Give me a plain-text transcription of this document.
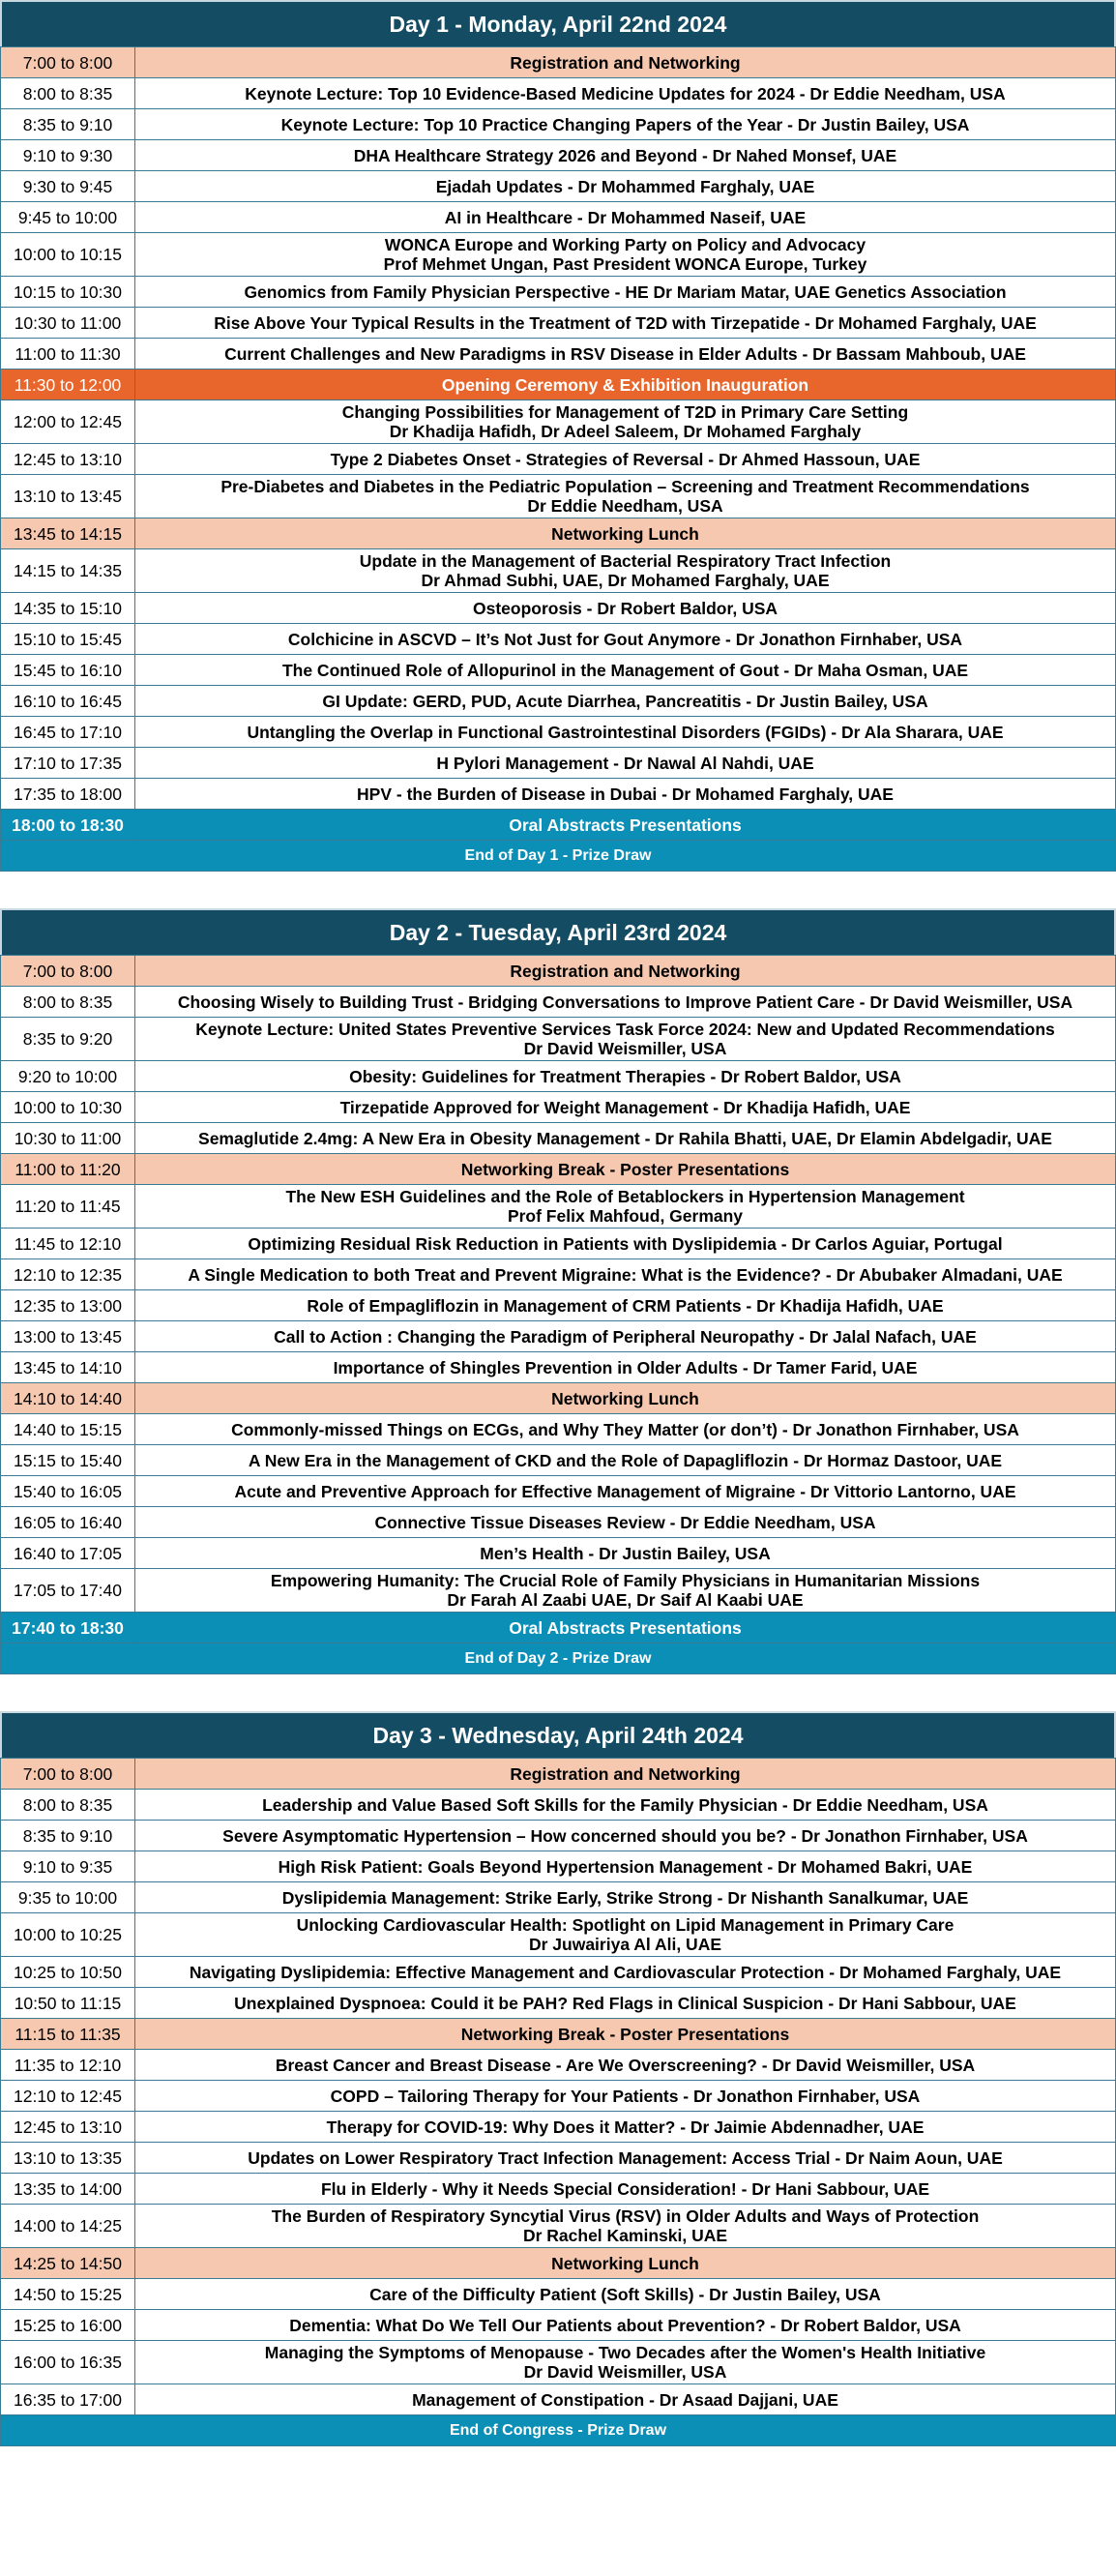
Day 1 - Monday, April 22nd 2024
7:00 to 8:00	Registration and Networking

8:00 to 8:35	Keynote Lecture: Top 10 Evidence-Based Medicine Updates for 2024 - Dr Eddie Needham, USA

8:35 to 9:10	Keynote Lecture: Top 10 Practice Changing Papers of the Year - Dr Justin Bailey, USA

9:10 to 9:30	DHA Healthcare Strategy 2026 and Beyond - Dr Nahed Monsef, UAE

9:30 to 9:45	Ejadah Updates - Dr Mohammed Farghaly, UAE

9:45 to 10:00	AI in Healthcare - Dr Mohammed Naseif, UAE

10:00 to 10:15	WONCA Europe and Working Party on Policy and Advocacy
Prof Mehmet Ungan, Past President WONCA Europe, Turkey

10:15 to 10:30	Genomics from Family Physician Perspective - HE Dr Mariam Matar, UAE Genetics Association

10:30 to 11:00	Rise Above Your Typical Results in the Treatment of T2D with Tirzepatide - Dr Mohamed Farghaly, UAE

11:00 to 11:30	Current Challenges and New Paradigms in RSV Disease in Elder Adults - Dr Bassam Mahboub, UAE

11:30 to 12:00	Opening Ceremony & Exhibition Inauguration

12:00 to 12:45	Changing Possibilities for Management of T2D in Primary Care Setting
Dr Khadija Hafidh, Dr Adeel Saleem, Dr Mohamed Farghaly

12:45 to 13:10	Type 2 Diabetes Onset - Strategies of Reversal - Dr Ahmed Hassoun, UAE

13:10 to 13:45	Pre-Diabetes and Diabetes in the Pediatric Population – Screening and Treatment Recommendations
Dr Eddie Needham, USA

13:45 to 14:15	Networking Lunch

14:15 to 14:35	Update in the Management of Bacterial Respiratory Tract Infection
Dr Ahmad Subhi, UAE, Dr Mohamed Farghaly, UAE

14:35 to 15:10	Osteoporosis - Dr Robert Baldor, USA

15:10 to 15:45	Colchicine in ASCVD – It’s Not Just for Gout Anymore - Dr Jonathon Firnhaber, USA

15:45 to 16:10	The Continued Role of Allopurinol in the Management of Gout - Dr Maha Osman, UAE

16:10 to 16:45	GI Update: GERD, PUD, Acute Diarrhea, Pancreatitis - Dr Justin Bailey, USA

16:45 to 17:10	Untangling the Overlap in Functional Gastrointestinal Disorders (FGIDs) - Dr Ala Sharara, UAE

17:10 to 17:35	H Pylori Management - Dr Nawal Al Nahdi, UAE

17:35 to 18:00	HPV - the Burden of Disease in Dubai - Dr Mohamed Farghaly, UAE

18:00 to 18:30	Oral Abstracts Presentations
End of Day 1 - Prize Draw
Day 2 - Tuesday, April 23rd 2024
7:00 to 8:00	Registration and Networking

8:00 to 8:35	Choosing Wisely to Building Trust - Bridging Conversations to Improve Patient Care - Dr David Weismiller, USA

8:35 to 9:20	Keynote Lecture: United States Preventive Services Task Force 2024: New and Updated Recommendations
Dr David Weismiller, USA

9:20 to 10:00	Obesity: Guidelines for Treatment Therapies - Dr Robert Baldor, USA

10:00 to 10:30	Tirzepatide Approved for Weight Management - Dr Khadija Hafidh, UAE

10:30 to 11:00	Semaglutide 2.4mg: A New Era in Obesity Management - Dr Rahila Bhatti, UAE, Dr Elamin Abdelgadir, UAE

11:00 to 11:20	Networking Break - Poster Presentations

11:20 to 11:45	The New ESH Guidelines and the Role of Betablockers in Hypertension Management
Prof Felix Mahfoud, Germany

11:45 to 12:10	Optimizing Residual Risk Reduction in Patients with Dyslipidemia - Dr Carlos Aguiar, Portugal

12:10 to 12:35	A Single Medication to both Treat and Prevent Migraine: What is the Evidence? - Dr Abubaker Almadani, UAE

12:35 to 13:00	Role of Empagliflozin in Management of CRM Patients - Dr Khadija Hafidh, UAE

13:00 to 13:45	Call to Action : Changing the Paradigm of Peripheral Neuropathy - Dr Jalal Nafach, UAE

13:45 to 14:10	Importance of Shingles Prevention in Older Adults - Dr Tamer Farid, UAE

14:10 to 14:40	Networking Lunch

14:40 to 15:15	Commonly-missed Things on ECGs, and Why They Matter (or don’t) - Dr Jonathon Firnhaber, USA

15:15 to 15:40	A New Era in the Management of CKD and the Role of Dapagliflozin - Dr Hormaz Dastoor, UAE

15:40 to 16:05	Acute and Preventive Approach for Effective Management of Migraine - Dr Vittorio Lantorno, UAE

16:05 to 16:40	Connective Tissue Diseases Review - Dr Eddie Needham, USA

16:40 to 17:05	Men’s Health - Dr Justin Bailey, USA

17:05 to 17:40	Empowering Humanity: The Crucial Role of Family Physicians in Humanitarian Missions
Dr Farah Al Zaabi UAE, Dr Saif Al Kaabi UAE

17:40 to 18:30	Oral Abstracts Presentations
End of Day 2 - Prize Draw
Day 3 - Wednesday, April 24th 2024
7:00 to 8:00	Registration and Networking

8:00 to 8:35	Leadership and Value Based Soft Skills for the Family Physician - Dr Eddie Needham, USA

8:35 to 9:10	Severe Asymptomatic Hypertension – How concerned should you be? - Dr Jonathon Firnhaber, USA

9:10 to 9:35	High Risk Patient: Goals Beyond Hypertension Management - Dr Mohamed Bakri, UAE

9:35 to 10:00	Dyslipidemia Management: Strike Early, Strike Strong - Dr Nishanth Sanalkumar, UAE

10:00 to 10:25	Unlocking Cardiovascular Health: Spotlight on Lipid Management in Primary Care
Dr Juwairiya Al Ali, UAE

10:25 to 10:50	Navigating Dyslipidemia: Effective Management and Cardiovascular Protection - Dr Mohamed Farghaly, UAE

10:50 to 11:15	Unexplained Dyspnoea: Could it be PAH? Red Flags in Clinical Suspicion - Dr Hani Sabbour, UAE

11:15 to 11:35	Networking Break - Poster Presentations

11:35 to 12:10	Breast Cancer and Breast Disease - Are We Overscreening? - Dr David Weismiller, USA

12:10 to 12:45	COPD – Tailoring Therapy for Your Patients - Dr Jonathon Firnhaber, USA

12:45 to 13:10	Therapy for COVID-19: Why Does it Matter? - Dr Jaimie Abdennadher, UAE

13:10 to 13:35	Updates on Lower Respiratory Tract Infection Management: Access Trial - Dr Naim Aoun, UAE

13:35 to 14:00	Flu in Elderly - Why it Needs Special Consideration! - Dr Hani Sabbour, UAE

14:00 to 14:25	The Burden of Respiratory Syncytial Virus (RSV) in Older Adults and Ways of Protection
Dr Rachel Kaminski, UAE

14:25 to 14:50	Networking Lunch

14:50 to 15:25	Care of the Difficulty Patient (Soft Skills) - Dr Justin Bailey, USA

15:25 to 16:00	Dementia: What Do We Tell Our Patients about Prevention? - Dr Robert Baldor, USA

16:00 to 16:35	Managing the Symptoms of Menopause - Two Decades after the Women's Health Initiative
Dr David Weismiller, USA

16:35 to 17:00	Management of Constipation - Dr Asaad Dajjani, UAE
End of Congress - Prize Draw
